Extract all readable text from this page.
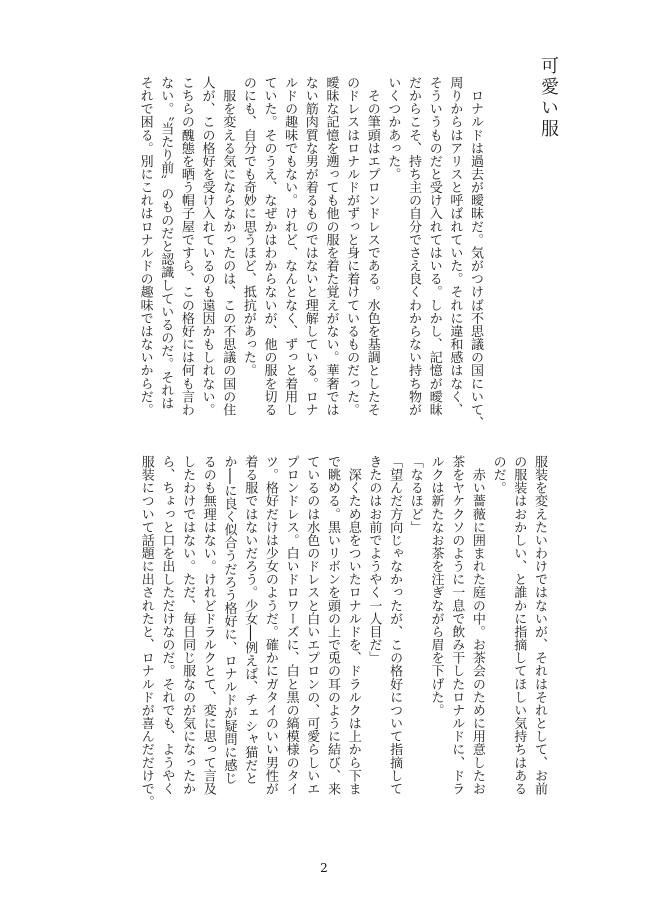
可愛い服
　ロナルドは過去が曖昧だ。気がつけば不思議の国にいて、
周りからはアリスと呼ばれていた。それに違和感はなく、
そういうものだと受け入れてはいる。しかし、記憶が曖昧
だからこそ、持ち主の自分でさえ良くわからない持ち物が
いくつかあった。
　その筆頭はエプロンドレスである。水色を基調としたそ
のドレスはロナルドがずっと身に着けているものだった。
曖昧な記憶を遡っても他の服を着た覚えがない。華奢では
ない筋肉質な男が着るものではないと理解している。ロナ
ルドの趣味でもない。けれど、なんとなく、ずっと着用し
ていた。そのうえ、なぜかはわからないが、他の服を切る
のにも、自分でも奇妙に思うほど、抵抗があった。
　服を変える気にならなかったのは、この不思議の国の住
人が、この格好を受け入れているのも遠因かもしれない。
こちらの醜態を晒う帽子屋ですら、この格好には何も言わ
ない。〝当たり前〟のものだと認識しているのだ。それは
それで困る。別にこれはロナルドの趣味ではないからだ。
服装を変えたいわけではないが、それはそれとして、お前
の服装はおかしい、と誰かに指摘してほしい気持ちはある
のだ。
　赤い薔薇に囲まれた庭の中。お茶会のために用意したお
茶をヤケクソのように一息で飲み干したロナルドに、ドラ
ルクは新たなお茶を注ぎながら眉を下げた。
「なるほど」
「望んだ方向じゃなかったが、この格好について指摘して
きたのはお前でようやく一人目だ」
　深くため息をついたロナルドを、ドラルクは上から下ま
で眺める。黒いリボンを頭の上で兎の耳のように結び、来
ているのは水色のドレスと白いエプロンの、可愛らしいエ
プロンドレス。白いドロワーズに、白と黒の縞模様のタイ
ツ。格好だけは少女のようだ。確かにガタイのいい男性が
着る服ではないだろう。少女──例えば、チェシャ猫だと
か──に良く似合うだろう格好に、ロナルドが疑問に感じ
るのも無理はない。けれどドラルクとて、変に思って言及
したわけではない。ただ、毎日同じ服なのが気になったか
ら、ちょっと口を出しただけなのだ。それでも、ようやく
服装について話題に出されたと、ロナルドが喜んだだけで。
2
